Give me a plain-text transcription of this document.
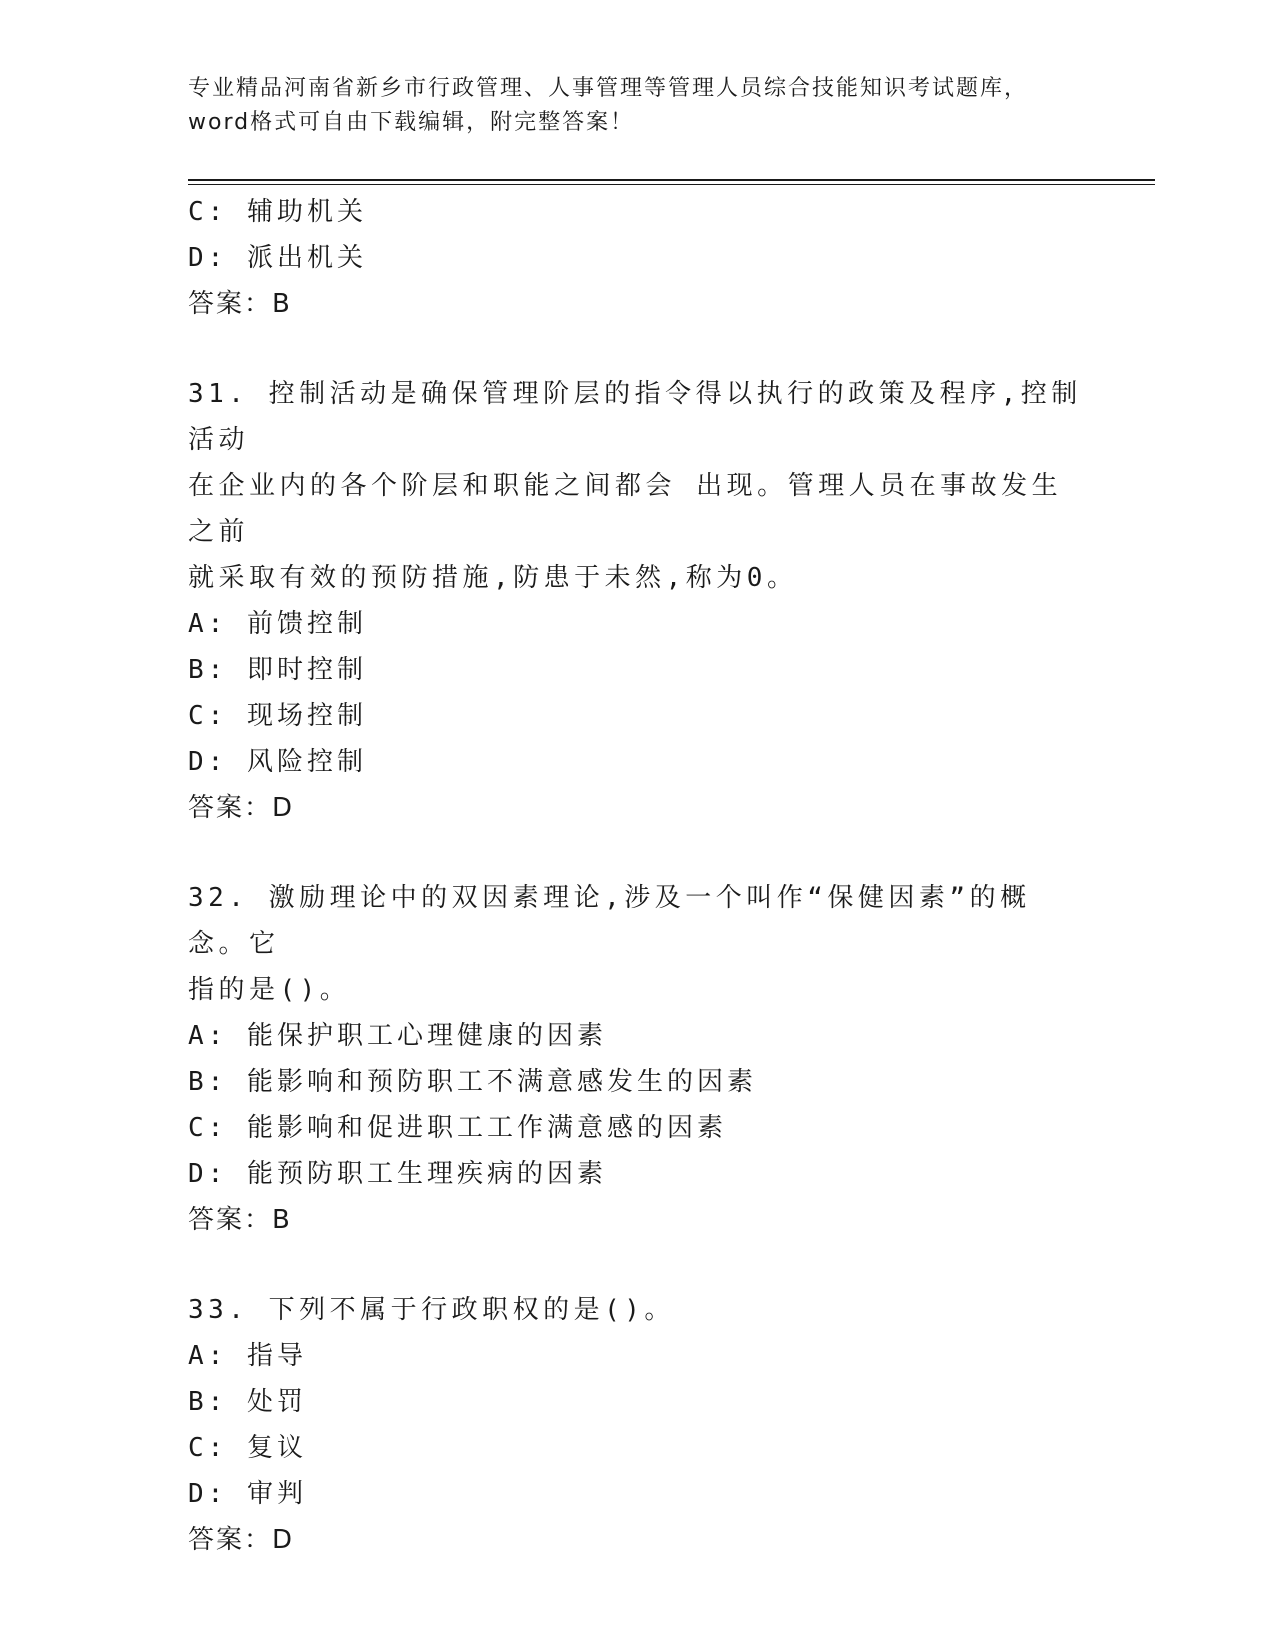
专业精品河南省新乡市行政管理、人事管理等管理人员综合技能知识考试题库，
word格式可自由下载编辑，附完整答案！
C: 辅助机关
D: 派出机关
答案：B
31. 控制活动是确保管理阶层的指令得以执行的政策及程序,控制活动
在企业内的各个阶层和职能之间都会 出现。管理人员在事故发生之前
就采取有效的预防措施,防患于未然,称为0。
A: 前馈控制
B: 即时控制
C: 现场控制
D: 风险控制
答案：D
32. 激励理论中的双因素理论,涉及一个叫作“保健因素”的概念。它
指的是()。
A: 能保护职工心理健康的因素
B: 能影响和预防职工不满意感发生的因素
C: 能影响和促进职工工作满意感的因素
D: 能预防职工生理疾病的因素
答案：B
33. 下列不属于行政职权的是()。
A: 指导
B: 处罚
C: 复议
D: 审判
答案：D
